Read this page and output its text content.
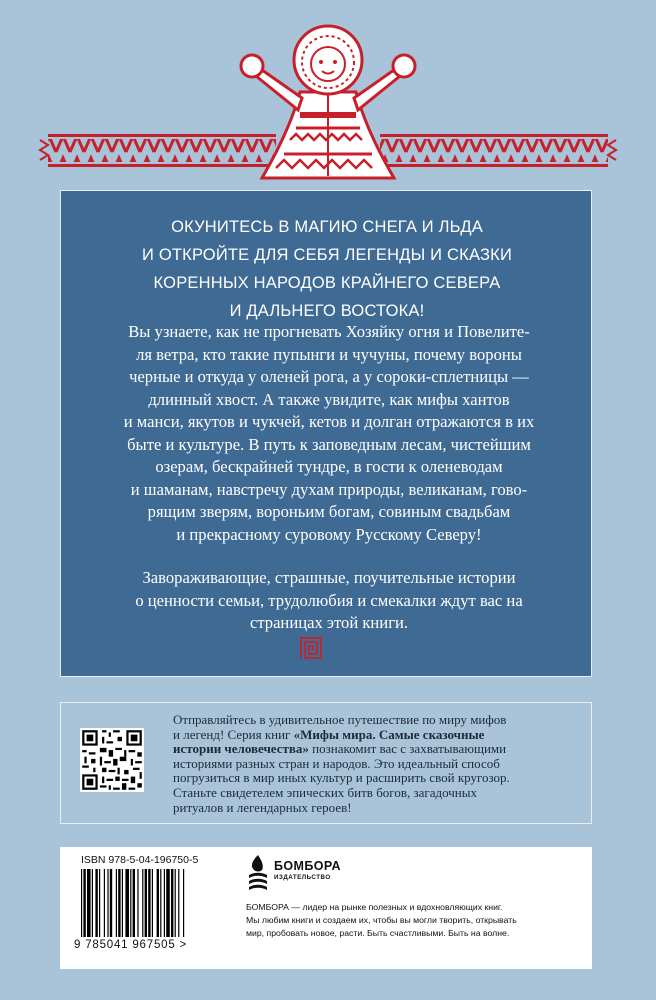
ОКУНИТЕСЬ В МАГИЮ СНЕГА И ЛЬДА
И ОТКРОЙТЕ ДЛЯ СЕБЯ ЛЕГЕНДЫ И СКАЗКИ
КОРЕННЫХ НАРОДОВ КРАЙНЕГО СЕВЕРА
И ДАЛЬНЕГО ВОСТОКА!
Вы узнаете, как не прогневать Хозяйку огня и Повелите-
ля ветра, кто такие пупынги и чучуны, почему вороны
черные и откуда у оленей рога, а у сороки-сплетницы —
длинный хвост. А также увидите, как мифы хантов
и манси, якутов и чукчей, кетов и долган отражаются в их
быте и культуре. В путь к заповедным лесам, чистейшим
озерам, бескрайней тундре, в гости к оленеводам
и шаманам, навстречу духам природы, великанам, гово-
рящим зверям, вороньим богам, совиным свадьбам
и прекрасному суровому Русскому Северу!
Завораживающие, страшные, поучительные истории
о ценности семьи, трудолюбия и смекалки ждут вас на
страницах этой книги.
Отправляйтесь в удивительное путешествие по миру мифов
и легенд! Серия книг «Мифы мира. Самые сказочные
истории человечества» познакомит вас с захватывающими
историями разных стран и народов. Это идеальный способ
погрузиться в мир иных культур и расширить свой кругозор.
Станьте свидетелем эпических битв богов, загадочных
ритуалов и легендарных героев!
ISBN 978-5-04-196750-5
9 785041 967505 >
БОМБОРА
ИЗДАТЕЛЬСТВО
БОМБОРА — лидер на рынке полезных и вдохновляющих книг.
Мы любим книги и создаем их, чтобы вы могли творить, открывать
мир, пробовать новое, расти. Быть счастливыми. Быть на волне.
